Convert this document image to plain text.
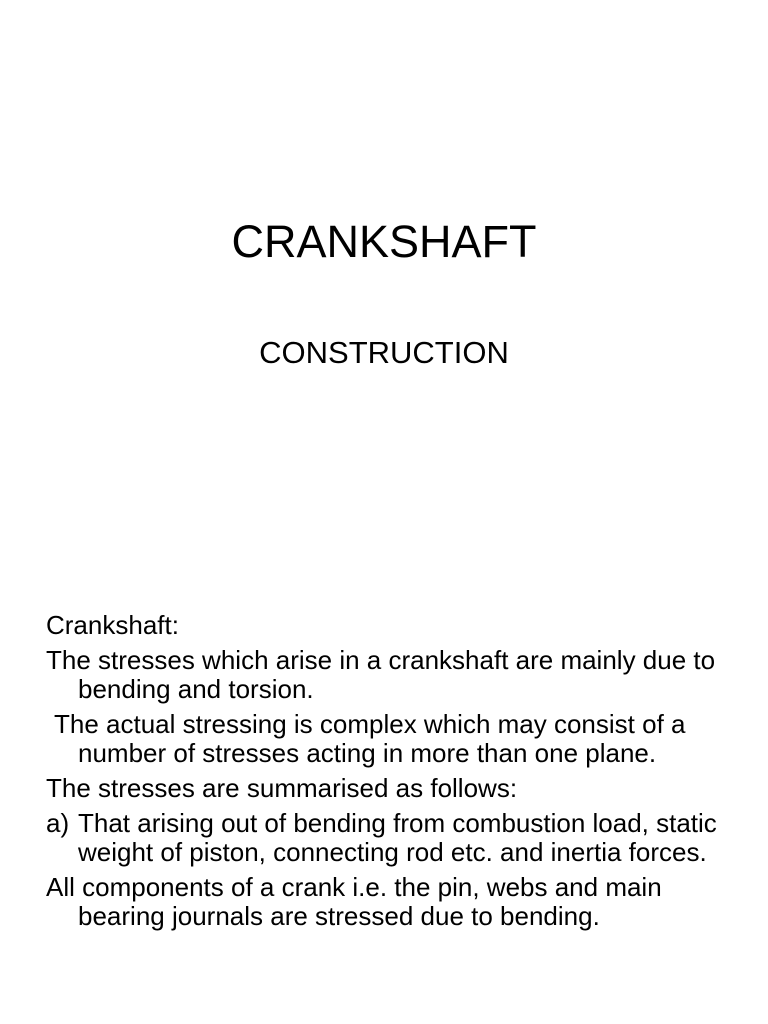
CRANKSHAFT
CONSTRUCTION

Crankshaft:

The stresses which arise in a crankshaft are mainly due to bending and torsion.

The actual stressing is complex which may consist of a number of stresses acting in more than one plane.

The stresses are summarised as follows:

a) That arising out of bending from combustion load, static weight of piston, connecting rod etc. and inertia forces.

All components of a crank i.e. the pin, webs and main bearing journals are stressed due to bending.
